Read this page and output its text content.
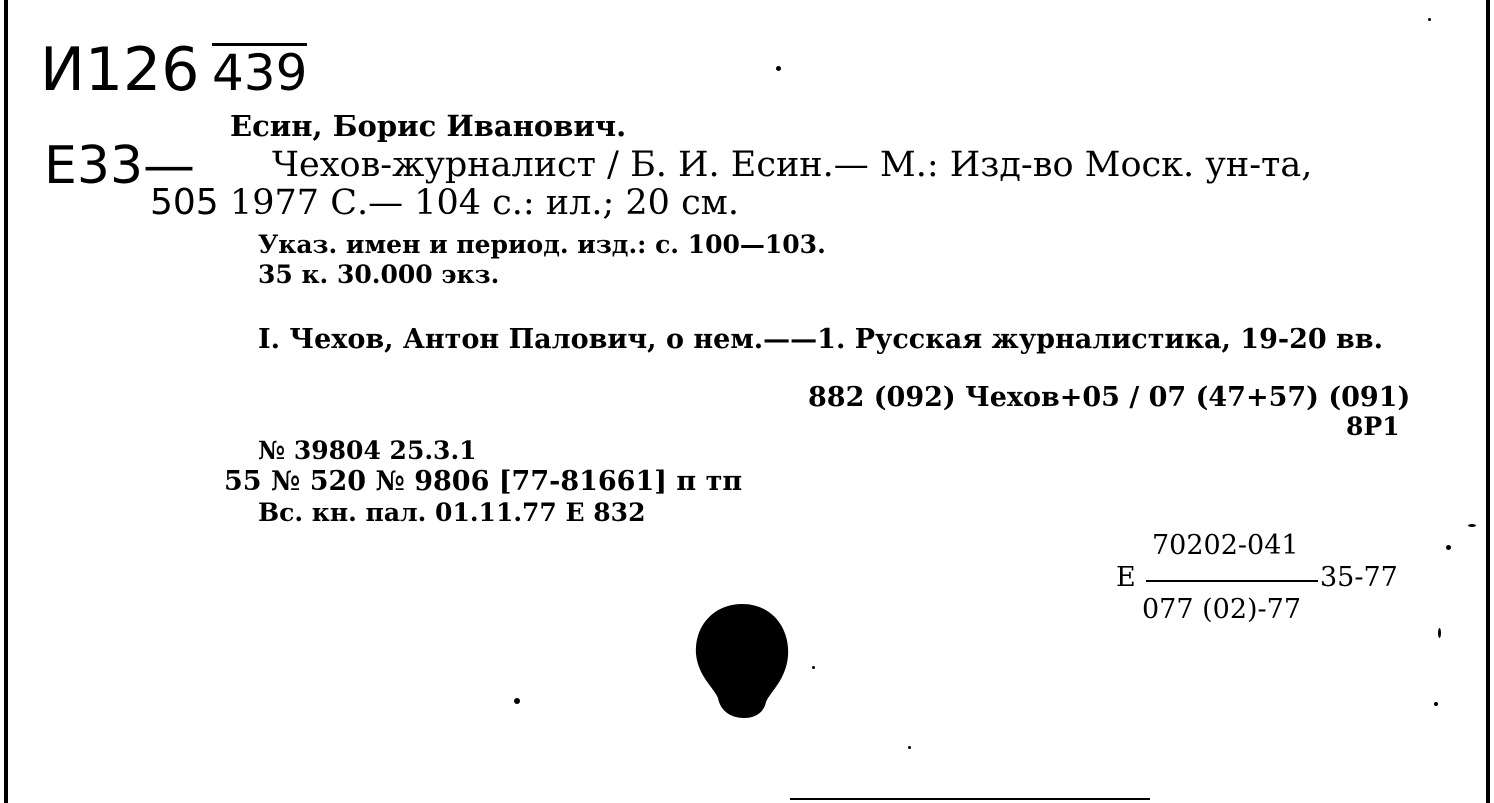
И126 439
Е33—
505
Есин, Борис Иванович.
Чехов-журналист / Б. И. Есин.— М.: Изд-во Моск. ун-та,
1977 С.— 104 с.: ил.; 20 см.
Указ. имен и период. изд.: с. 100—103.
35 к. 30.000 экз.
I. Чехов, Антон Палович, о нем.——1. Русская журналистика, 19-20 вв.
882 (092) Чехов+05 / 07 (47+57) (091)
8Р1
№ 39804 25.3.1
55 № 520 № 9806 [77-81661] п тп
Вс. кн. пал. 01.11.77 Е 832
70202-041
Е	35-77
077 (02)-77
